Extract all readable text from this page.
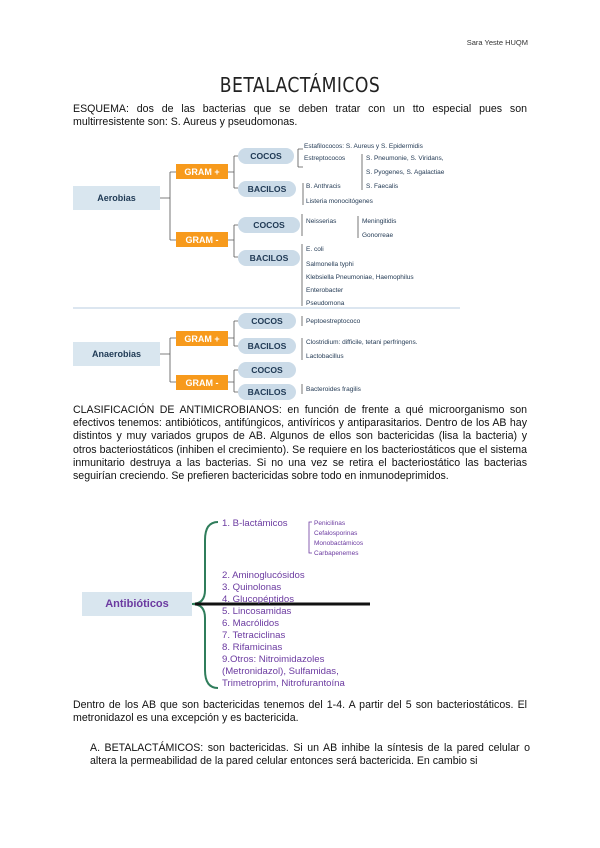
Sara Yeste HUQM
BETALACTÁMICOS
ESQUEMA: dos de las bacterias que se deben tratar con un tto especial pues son multirresistente son: S. Aureus y pseudomonas.
Aerobias
GRAM +
GRAM -
COCOS
BACILOS
COCOS
BACILOS
Estafilococos: S. Aureus y S. Epidermidis
Estreptococos	S. Pneumonie, S. Viridans,
S. Pyogenes, S. Agalactiae
S. Faecalis
B. Anthracis
Listeria monocitógenes
Neisserias	Meningitidis
Gonorreae
E. coli
Salmonella typhi
Klebsiella Pneumoniae, Haemophilus
Enterobacter
Pseudomona
Anaerobias
GRAM +
GRAM -
COCOS
BACILOS
COCOS
BACILOS
Peptoestreptococo
Clostridium: difficile, tetani perfringens.
Lactobacillus
Bacteroides fragilis
CLASIFICACIÓN DE ANTIMICROBIANOS: en función de frente a qué microorganismo son efectivos tenemos: antibióticos, antifúngicos, antivíricos y antiparasitarios. Dentro de los AB hay distintos y muy variados grupos de AB. Algunos de ellos son bactericidas (lisa la bacteria) y otros bacteriostáticos (inhiben el crecimiento). Se requiere en los bacteriostáticos que el sistema inmunitario destruya a las bacterias. Si no una vez se retira el bacteriostático las bacterias seguirían creciendo. Se prefieren bactericidas sobre todo en inmunodeprimidos.
Antibióticos
1. B-lactámicos
2. Aminoglucósidos
3. Quinolonas
4. Glucopéptidos
5. Lincosamidas
6. Macrólidos
7. Tetraciclinas
8. Rifamicinas
9.Otros: Nitroimidazoles
(Metronidazol), Sulfamidas,
Trimetroprim, Nitrofurantoína
Penicilinas
Cefalosporinas
Monobactámicos
Carbapenemes
Dentro de los AB que son bactericidas tenemos del 1-4. A partir del 5 son bacteriostáticos. El metronidazol es una excepción y es bactericida.
A. BETALACTÁMICOS: son bactericidas. Si un AB inhibe la síntesis de la pared celular o altera la permeabilidad de la pared celular entonces será bactericida. En cambio si
